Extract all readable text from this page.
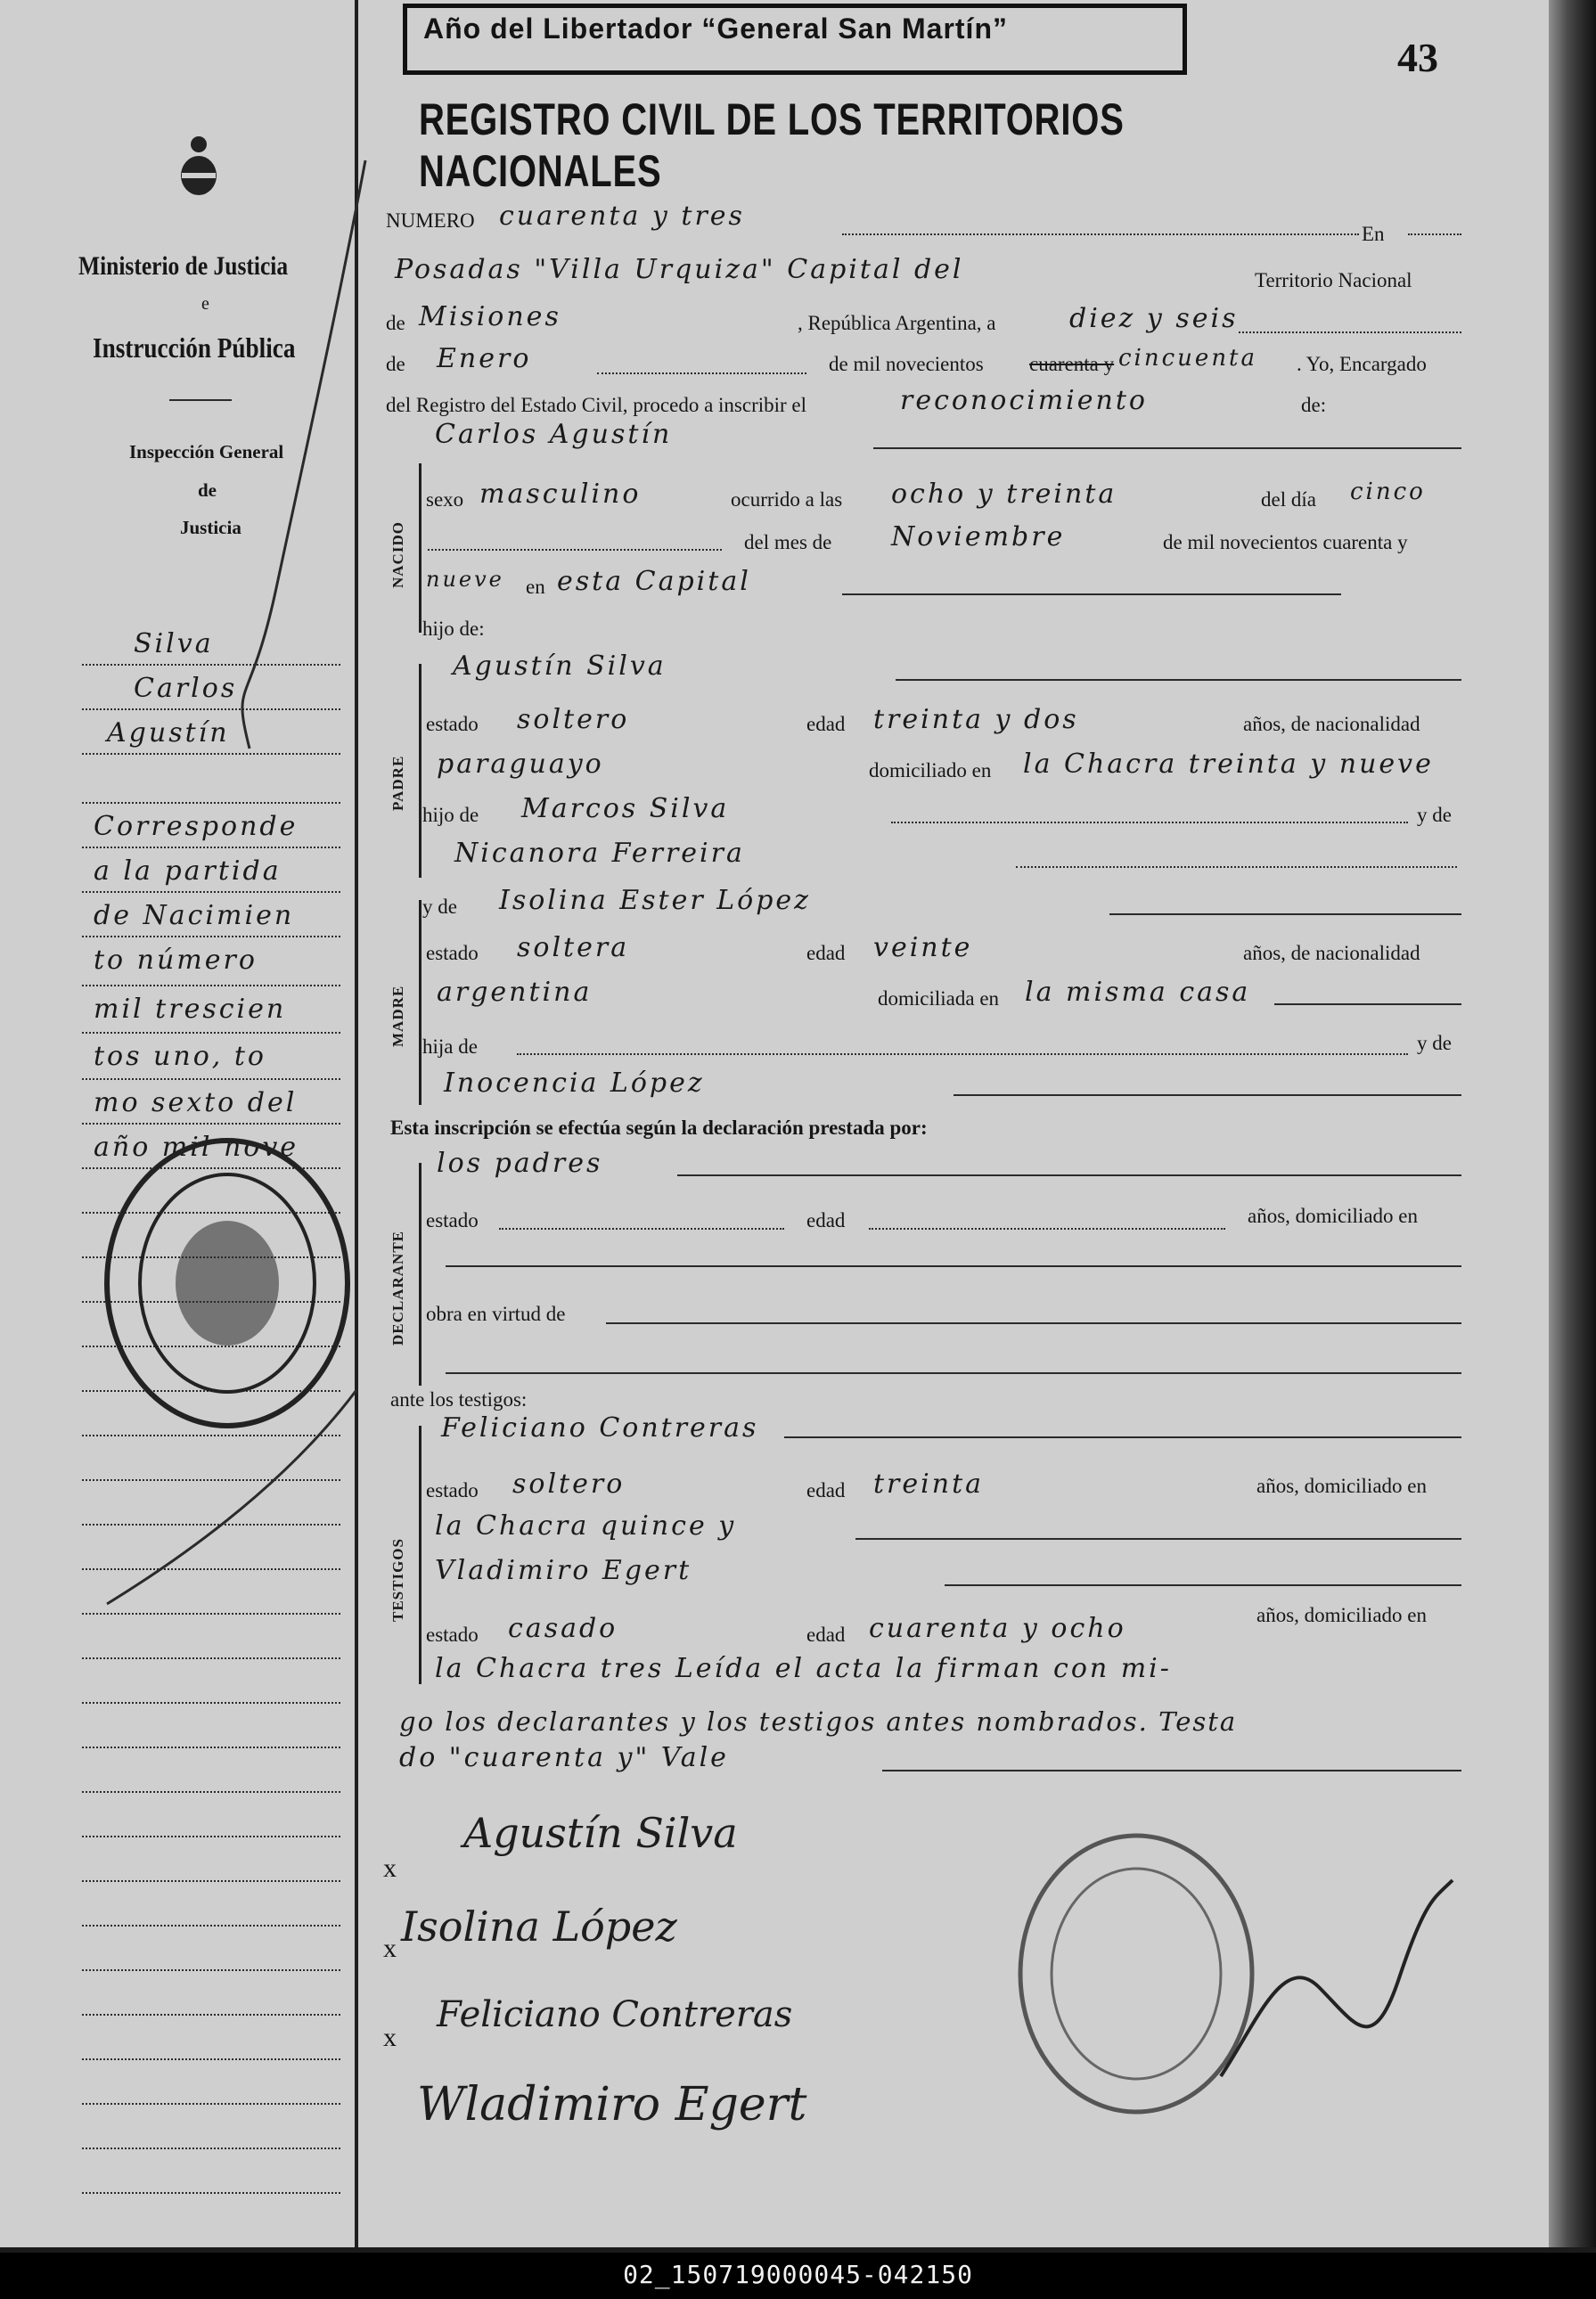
Año del Libertador “General San Martín”
43
REGISTRO CIVIL DE LOS TERRITORIOS NACIONALES
Ministerio de Justicia
e
Instrucción Pública
Inspección General
de
Justicia
Silva
Carlos
Agustín
Corresponde
a la partida
de Nacimien
to número
mil trescien
tos uno, to
mo sexto del
año mil nove
NUMERO cuarenta y tres
En
Posadas "Villa Urquiza" Capital del	Territorio Nacional
de Misiones	, República Argentina, a	diez y seis
de Enero	de mil novecientos cuarenta y cincuenta . Yo, Encargado
del Registro del Estado Civil, procedo a inscribir el	reconocimiento	de:
Carlos Agustín
NACIDO
sexo masculino	ocurrido a las ocho y treinta	del día cinco
del mes de Noviembre	de mil novecientos cuarenta y
nueve en esta Capital
hijo de:
Agustín Silva
PADRE
estado soltero	edad treinta y dos	años, de nacionalidad
paraguayo	domiciliado en la Chacra treinta y nueve
hijo de Marcos Silva	y de
Nicanora Ferreira
y de Isolina Ester López
MADRE
estado soltera	edad veinte	años, de nacionalidad
argentina	domiciliada en la misma casa
hija de	y de
Inocencia López
Esta inscripción se efectúa según la declaración prestada por:
los padres
DECLARANTE
estado	edad	años, domiciliado en
obra en virtud de
ante los testigos:
Feliciano Contreras
TESTIGOS
estado soltero	edad treinta	años, domiciliado en
la Chacra quince y
Vladimiro Egert
estado casado	edad cuarenta y ocho	años, domiciliado en
la Chacra tres Leída el acta la firman con mi-
go los declarantes y los testigos antes nombrados. Testa
do "cuarenta y" Vale
x
Agustín Silva
x Isolina López
x
Feliciano Contreras
Wladimiro Egert
02_150719000045-042150
